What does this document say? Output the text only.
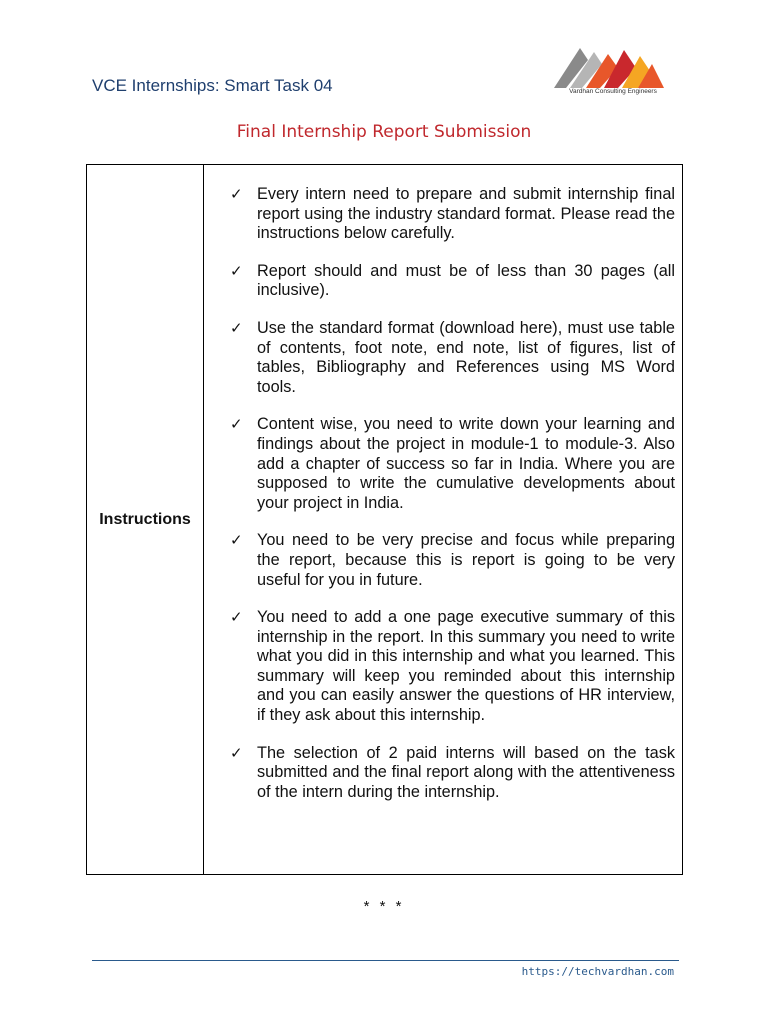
VCE Internships: Smart Task 04	Vardhan Consulting Engineers
Final Internship Report Submission
Instructions
✓ Every intern need to prepare and submit internship final report using the industry standard format. Please read the instructions below carefully.
✓ Report should and must be of less than 30 pages (all inclusive).
✓ Use the standard format (download here), must use table of contents, foot note, end note, list of figures, list of tables, Bibliography and References using MS Word tools.
✓ Content wise, you need to write down your learning and findings about the project in module-1 to module-3. Also add a chapter of success so far in India. Where you are supposed to write the cumulative developments about your project in India.
✓ You need to be very precise and focus while preparing the report, because this is report is going to be very useful for you in future.
✓ You need to add a one page executive summary of this internship in the report. In this summary you need to write what you did in this internship and what you learned. This summary will keep you reminded about this internship and you can easily answer the questions of HR interview, if they ask about this internship.
✓ The selection of 2 paid interns will based on the task submitted and the final report along with the attentiveness of the intern during the internship.
* * *
https://techvardhan.com
